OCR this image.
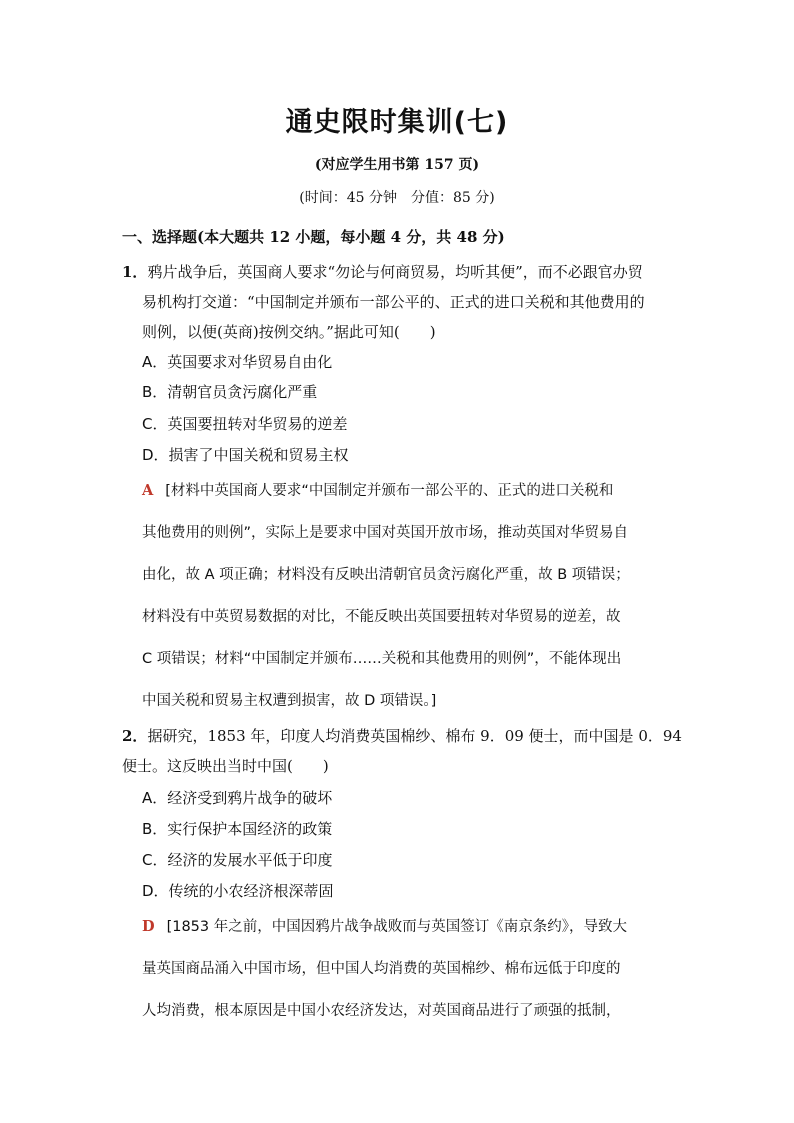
通史限时集训(七)
(对应学生用书第 157 页)
(时间：45 分钟　分值：85 分)
一、选择题(本大题共 12 小题，每小题 4 分，共 48 分)
1．鸦片战争后，英国商人要求“勿论与何商贸易，均听其便”，而不必跟官办贸
易机构打交道：“中国制定并颁布一部公平的、正式的进口关税和其他费用的
则例，以便(英商)按例交纳。”据此可知(　　)
A．英国要求对华贸易自由化
B．清朝官员贪污腐化严重
C．英国要扭转对华贸易的逆差
D．损害了中国关税和贸易主权
A [材料中英国商人要求“中国制定并颁布一部公平的、正式的进口关税和
其他费用的则例”，实际上是要求中国对英国开放市场，推动英国对华贸易自
由化，故 A 项正确；材料没有反映出清朝官员贪污腐化严重，故 B 项错误；
材料没有中英贸易数据的对比，不能反映出英国要扭转对华贸易的逆差，故
C 项错误；材料“中国制定并颁布……关税和其他费用的则例”，不能体现出
中国关税和贸易主权遭到损害，故 D 项错误。]
2．据研究，1853 年，印度人均消费英国棉纱、棉布 9．09 便士，而中国是 0．94
便士。这反映出当时中国(　　)
A．经济受到鸦片战争的破坏
B．实行保护本国经济的政策
C．经济的发展水平低于印度
D．传统的小农经济根深蒂固
D [1853 年之前，中国因鸦片战争战败而与英国签订《南京条约》，导致大
量英国商品涌入中国市场，但中国人均消费的英国棉纱、棉布远低于印度的
人均消费，根本原因是中国小农经济发达，对英国商品进行了顽强的抵制，
